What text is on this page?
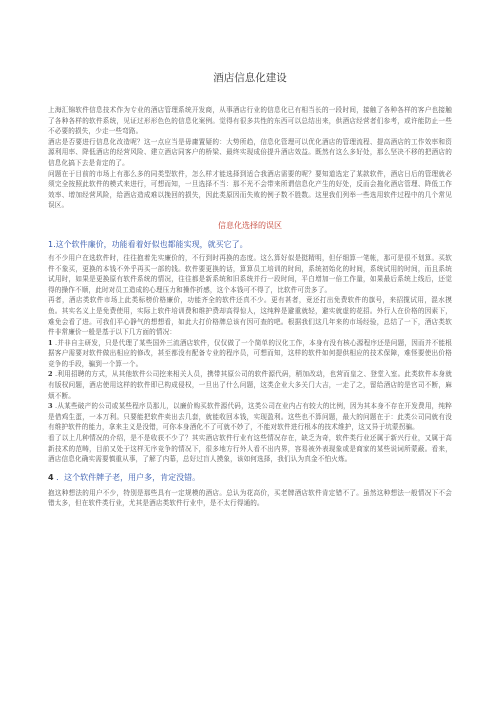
酒店信息化建设

上海汇锦软件信息技术作为专业的酒店管理系统开发商，从事酒店行业的信息化已有相当长的一段时间，接触了各种各样的客户也接触了各种各样的软件系统，见证过形形色色的信息化案例。觉得有很多共性的东西可以总结出来，供酒店经营者们参考，或许能防止一些不必要的损失，少走一些弯路。

酒店是否要进行信息化改造呢？这一点应当是毋庸置疑的：大势所趋，信息化管理可以优化酒店的管理流程、提高酒店的工作效率和资源利用率、降低酒店的经营风险、建立酒店同客户的桥梁、最终实现成倍提升酒店效益。既然有这么多好处，那么坚决不移的把酒店的信息化搞下去是肯定的了。

问题在于目前的市场上有那么多的同类型软件，怎么样才能选择到适合我酒店需要的呢？要知道选定了某款软件，酒店日后的管理就必须完全按照此软件的模式来进行，可想而知，一旦选择不当：那不光不会带来所谓信息化产生的好处，反而会拖化酒店管理、降低工作效率、增加经营风险，给酒店造成难以挽回的损失，因此类原因而失败的例子数不胜数。这里我们列举一些选用软件过程中的几个常见误区。

信息化选择的误区
1.这个软件廉价，功能看着好似也都能实现，就买它了。

有不少用户在选软件时，往往抱着先实廉价的，不行到时再换的态度。这么算好似是挺精明，但仔细算一笔帐，那可是很不划算。买软件不象买，更换的本钱不外乎再买一部的钱。软件要更换的话，算算员工培训的时间，系统初始化的时间，系统试用的时间，而且系统试用时，如果是更换原有软件系统的情况，往往都是新系统和旧系统并行一段时间，平白增加一倍工作量，如果最后系统上线后，还觉得的操作不顺，此时对员工造成的心理压力和操作折感，这个本钱可不得了，比软件可贵多了。

再者，酒店类软件市场上此类标榜价格廉价，功能齐全的软件还真不少。更有甚者，竟还打出免费软件的旗号，来招揽试用，混水摸鱼。其实名义上是免费使用，实际上软件培训费和维护费却高得惊人，这纯粹是避重就轻，避实就虚的花招。外行人在价格的因素下，难免会看了进。可我们平心静气的想想看，如此大打价格牌总该有因可查的吧。根据我们这几年来的市场经验，总结了一下，酒店类软件非常廉价一般是基于以下几方面的情况：

1 .并非自主研发，只是代理了某些国外三流酒店软件，仅仅做了一个简单的汉化工作，本身有没有核心源程序还是问题，因而并不能根据客户需要对软件做出相应的修改，甚至都没有配备专业的程序员，可想而知，这样的软件如何提供相应的技术保障，难怪要使出价格竞争的手段，骗到一个算一个。

2 .利用招聘的方式，从其他软件公司挖来相关人员，携带其原公司的软件源代码，稍加改动，也营而皇之、登堂入室。此类软件本身就有版权问题，酒店使用这样的软件即已构成侵权，一旦出了什么问题，这类企业大多关门大吉，一走了之，留给酒店的是官司不断，麻烦不断。

3 .从某些破产的公司或某些程序员那儿，以廉价购买软件源代码，这类公司在业内占有较大的比例，因为其本身不存在开发费用，纯粹是借鸡生蛋，一本万利。只要能把软件卖出去几套，就能收回本钱，实现盈利。这些也不算问题，最大的问题在于：此类公司同就有没有维护软件的能力，拿来主义是没错，可你本身酒化不了可就不妙了，不能对软件进行根本的技术维护，这又异于坑蒙拐骗。

看了以上几种情况的介绍，是不是收获不少了？其实酒店软件行业有这些情况存在，缺乏为奇，软件类行业还属于新兴行业，又属于高新技术的范畴，目前又处于这样无序竞争的情况下，很多地方行外人看不出内界，容易被外表现象或是商家的某些说词所蒙蔽。看来，酒店信息化确实需要慎重从事，了解了内幕，总好过盲人摸象，该如何选择，我们认为真金不怕火炼。

4 ．这个软件牌子老，用户多，肯定没错。

抱这种想法的用户不少，特别是那些具有一定规模的酒店。总认为花高价，买老牌酒店软件肯定错不了。虽然这种想法一般情况下不会错太多，但在软件类行业，尤其是酒店类软件行业中，是不太行得通的。
